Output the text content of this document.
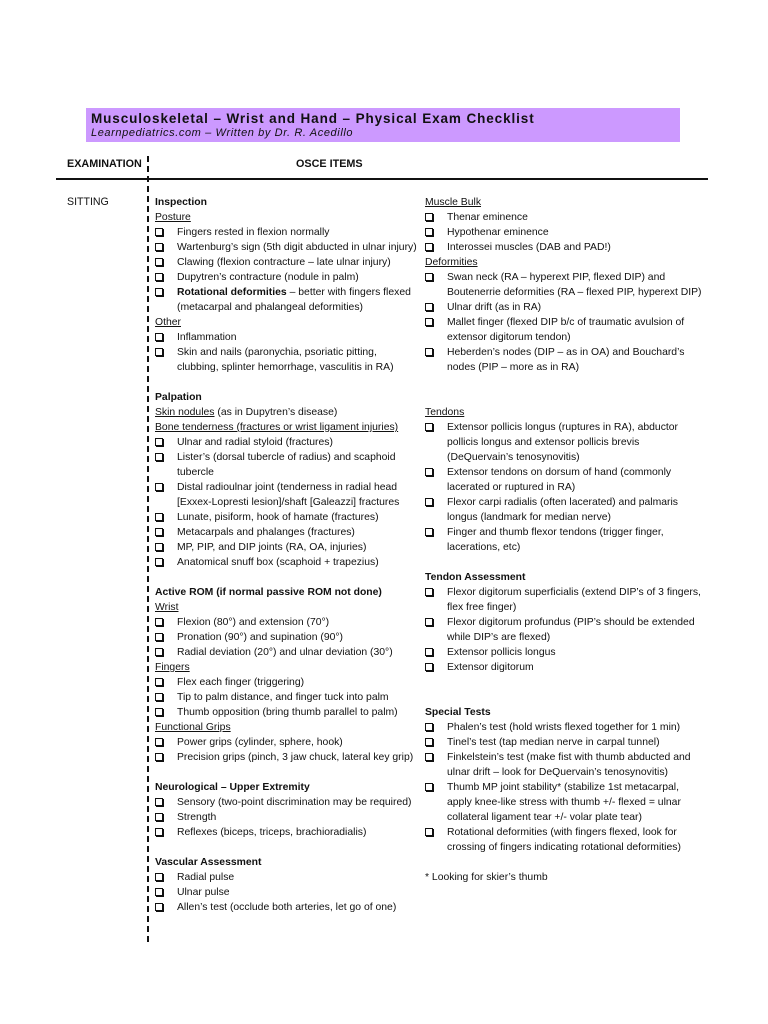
Musculoskeletal – Wrist and Hand – Physical Exam Checklist
Learnpediatrics.com – Written by Dr. R. Acedillo
EXAMINATION	OSCE ITEMS
SITTING	Inspection
Posture
Fingers rested in flexion normally
Wartenburg’s sign (5th digit abducted in ulnar injury)
Clawing (flexion contracture – late ulnar injury)
Dupytren’s contracture (nodule in palm)
Rotational deformities – better with fingers flexed (metacarpal and phalangeal deformities)
Other
Inflammation
Skin and nails (paronychia, psoriatic pitting, clubbing, splinter hemorrhage, vasculitis in RA)
Palpation
Skin nodules (as in Dupytren’s disease)
Bone tenderness (fractures or wrist ligament injuries)
Ulnar and radial styloid (fractures)
Lister’s (dorsal tubercle of radius) and scaphoid tubercle
Distal radioulnar joint (tenderness in radial head [Exxex-Lopresti lesion]/shaft [Galeazzi] fractures
Lunate, pisiform, hook of hamate (fractures)
Metacarpals and phalanges (fractures)
MP, PIP, and DIP joints (RA, OA, injuries)
Anatomical snuff box (scaphoid + trapezius)
Active ROM (if normal passive ROM not done)
Wrist
Flexion (80°) and extension (70°)
Pronation (90°) and supination (90°)
Radial deviation (20°) and ulnar deviation (30°)
Fingers
Flex each finger (triggering)
Tip to palm distance, and finger tuck into palm
Thumb opposition (bring thumb parallel to palm)
Functional Grips
Power grips (cylinder, sphere, hook)
Precision grips (pinch, 3 jaw chuck, lateral key grip)
Neurological – Upper Extremity
Sensory (two-point discrimination may be required)
Strength
Reflexes (biceps, triceps, brachioradialis)
Vascular Assessment
Radial pulse
Ulnar pulse
Allen’s test (occlude both arteries, let go of one)
Muscle Bulk
Thenar eminence
Hypothenar eminence
Interossei muscles (DAB and PAD!)
Deformities
Swan neck (RA – hyperext PIP, flexed DIP) and Boutenerrie deformities (RA – flexed PIP, hyperext DIP)
Ulnar drift (as in RA)
Mallet finger (flexed DIP b/c of traumatic avulsion of extensor digitorum tendon)
Heberden’s nodes (DIP – as in OA) and Bouchard’s nodes (PIP – more as in RA)
Tendons
Extensor pollicis longus (ruptures in RA), abductor pollicis longus and extensor pollicis brevis (DeQuervain’s tenosynovitis)
Extensor tendons on dorsum of hand (commonly lacerated or ruptured in RA)
Flexor carpi radialis (often lacerated) and palmaris longus (landmark for median nerve)
Finger and thumb flexor tendons (trigger finger, lacerations, etc)
Tendon Assessment
Flexor digitorum superficialis (extend DIP’s of 3 fingers, flex free finger)
Flexor digitorum profundus (PIP’s should be extended while DIP’s are flexed)
Extensor pollicis longus
Extensor digitorum
Special Tests
Phalen’s test (hold wrists flexed together for 1 min)
Tinel’s test (tap median nerve in carpal tunnel)
Finkelstein’s test (make fist with thumb abducted and ulnar drift – look for DeQuervain’s tenosynovitis)
Thumb MP joint stability* (stabilize 1st metacarpal, apply knee-like stress with thumb +/- flexed = ulnar collateral ligament tear +/- volar plate tear)
Rotational deformities (with fingers flexed, look for crossing of fingers indicating rotational deformities)
* Looking for skier’s thumb
